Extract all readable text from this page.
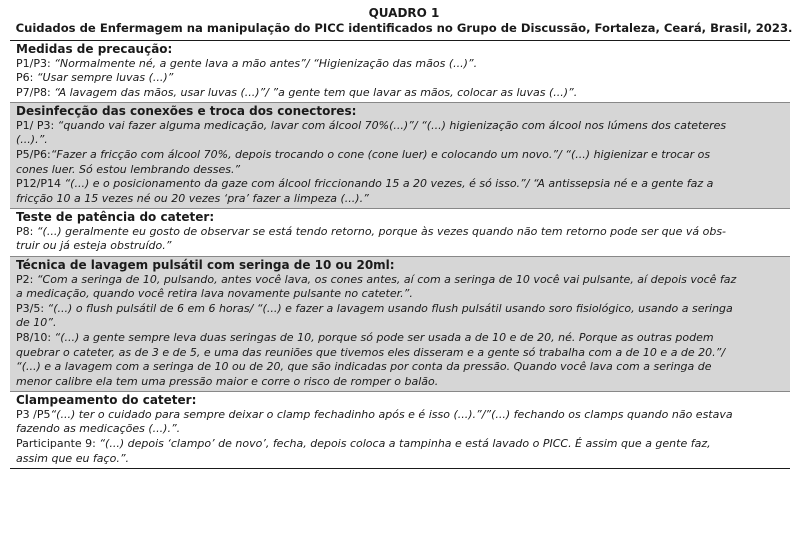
QUADRO 1
Cuidados de Enfermagem na manipulação do PICC identificados no Grupo de Discussão, Fortaleza, Ceará, Brasil, 2023.
Medidas de precaução:
P1/P3: “Normalmente né, a gente lava a mão antes”/ “Higienização das mãos (...)”.
P6: “Usar sempre luvas (...)”
P7/P8: “A lavagem das mãos, usar luvas (...)”/ ”a gente tem que lavar as mãos, colocar as luvas (...)”.
Desinfecção das conexões e troca dos conectores:
P1/ P3: “quando vai fazer alguma medicação, lavar com álcool 70%(...)”/ “(...) higienização com álcool nos lúmens dos cateteres
(...).”.
P5/P6:“Fazer a fricção com álcool 70%, depois trocando o cone (cone luer) e colocando um novo.”/ “(...) higienizar e trocar os
cones luer. Só estou lembrando desses.”
P12/P14 “(...) e o posicionamento da gaze com álcool friccionando 15 a 20 vezes, é só isso.”/ “A antissepsia né e a gente faz a
fricção 10 a 15 vezes né ou 20 vezes ‘pra’ fazer a limpeza (...).”
Teste de patência do cateter:
P8: “(...) geralmente eu gosto de observar se está tendo retorno, porque às vezes quando não tem retorno pode ser que vá obs-
truir ou já esteja obstruído.”
Técnica de lavagem pulsátil com seringa de 10 ou 20ml:
P2: “Com a seringa de 10, pulsando, antes você lava, os cones antes, aí com a seringa de 10 você vai pulsante, aí depois você faz
a medicação, quando você retira lava novamente pulsante no cateter.”.
P3/5: “(...) o flush pulsátil de 6 em 6 horas/ “(...) e fazer a lavagem usando flush pulsátil usando soro fisiológico, usando a seringa
de 10”.
P8/10: “(...) a gente sempre leva duas seringas de 10, porque só pode ser usada a de 10 e de 20, né. Porque as outras podem
quebrar o cateter, as de 3 e de 5, e uma das reuniões que tivemos eles disseram e a gente só trabalha com a de 10 e a de 20.”/
“(...) e a lavagem com a seringa de 10 ou de 20, que são indicadas por conta da pressão. Quando você lava com a seringa de
menor calibre ela tem uma pressão maior e corre o risco de romper o balão.
Clampeamento do cateter:
P3 /P5“(...) ter o cuidado para sempre deixar o clamp fechadinho após e é isso (...).”/”(...) fechando os clamps quando não estava
fazendo as medicações (...).”.
Participante 9: “(...) depois ‘clampo’ de novo’, fecha, depois coloca a tampinha e está lavado o PICC. É assim que a gente faz,
assim que eu faço.”.
